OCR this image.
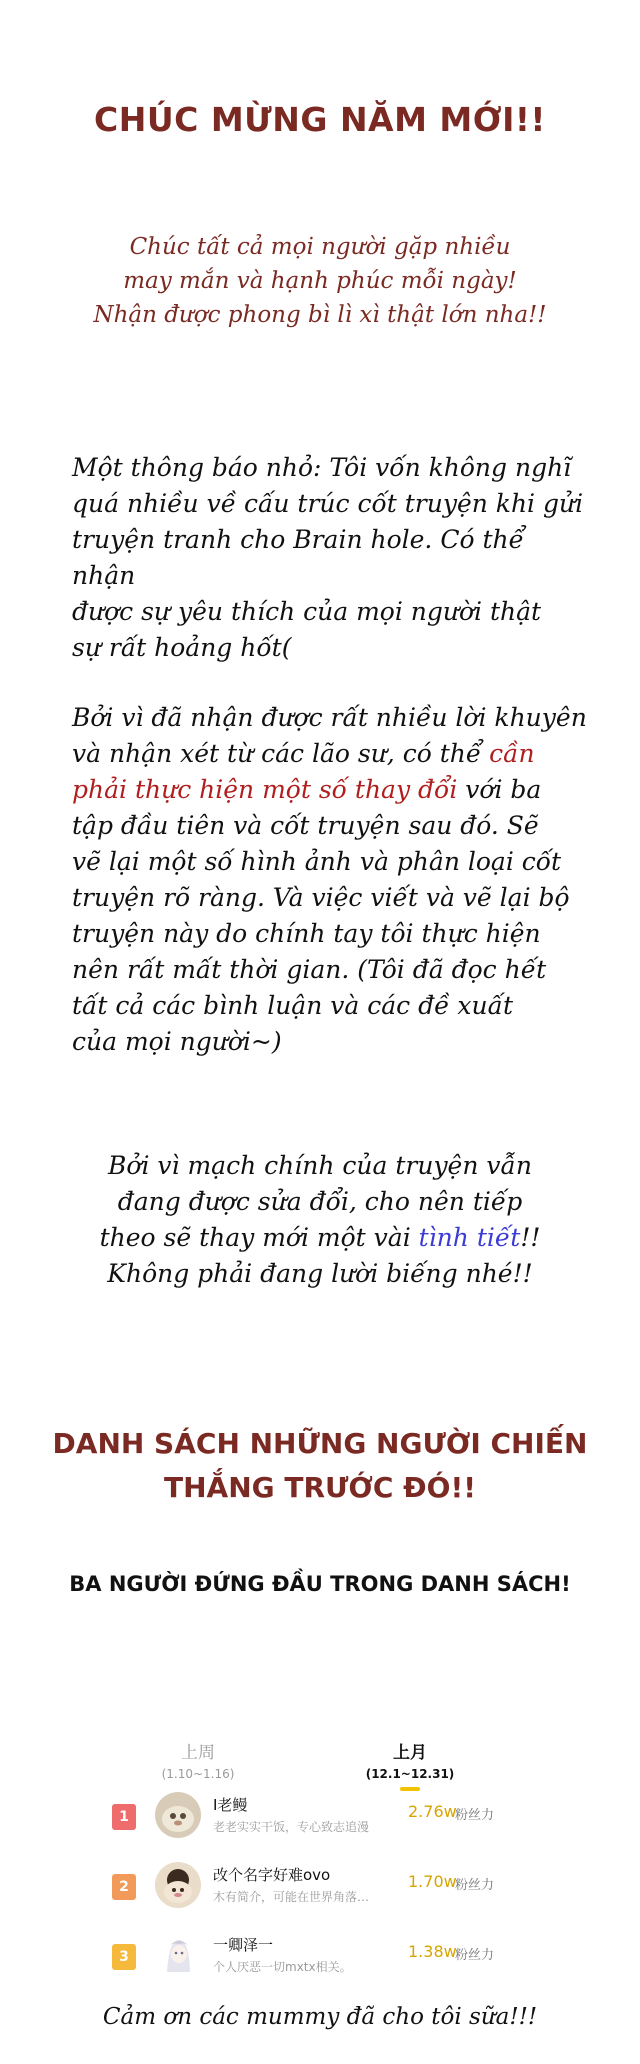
CHÚC MỪNG NĂM MỚI!!
Chúc tất cả mọi người gặp nhiều
may mắn và hạnh phúc mỗi ngày!
Nhận được phong bì lì xì thật lớn nha!!
Một thông báo nhỏ: Tôi vốn không nghĩ
quá nhiều về cấu trúc cốt truyện khi gửi
truyện tranh cho Brain hole. Có thể nhận
được sự yêu thích của mọi người thật
sự rất hoảng hốt(
Bởi vì đã nhận được rất nhiều lời khuyên
và nhận xét từ các lão sư, có thể cần
phải thực hiện một số thay đổi với ba
tập đầu tiên và cốt truyện sau đó. Sẽ
vẽ lại một số hình ảnh và phân loại cốt
truyện rõ ràng. Và việc viết và vẽ lại bộ
truyện này do chính tay tôi thực hiện
nên rất mất thời gian. (Tôi đã đọc hết
tất cả các bình luận và các đề xuất
của mọi người~)
Bởi vì mạch chính của truyện vẫn
đang được sửa đổi, cho nên tiếp
theo sẽ thay mới một vài tình tiết!!
Không phải đang lười biếng nhé!!
DANH SÁCH NHỮNG NGƯỜI CHIẾN
THẮNG TRƯỚC ĐÓ!!
BA NGƯỜI ĐỨNG ĐẦU TRONG DANH SÁCH!
上周
(1.10~1.16)
上月
(12.1~12.31)
1
I老鳗
老老实实干饭，专心致志追漫
2.76w
粉丝力
2
改个名字好难ovo
木有简介，可能在世界角落…
1.70w
粉丝力
3
一卿泽一
个人厌恶一切mxtx相关。
1.38w
粉丝力
Cảm ơn các mummy đã cho tôi sữa!!!
